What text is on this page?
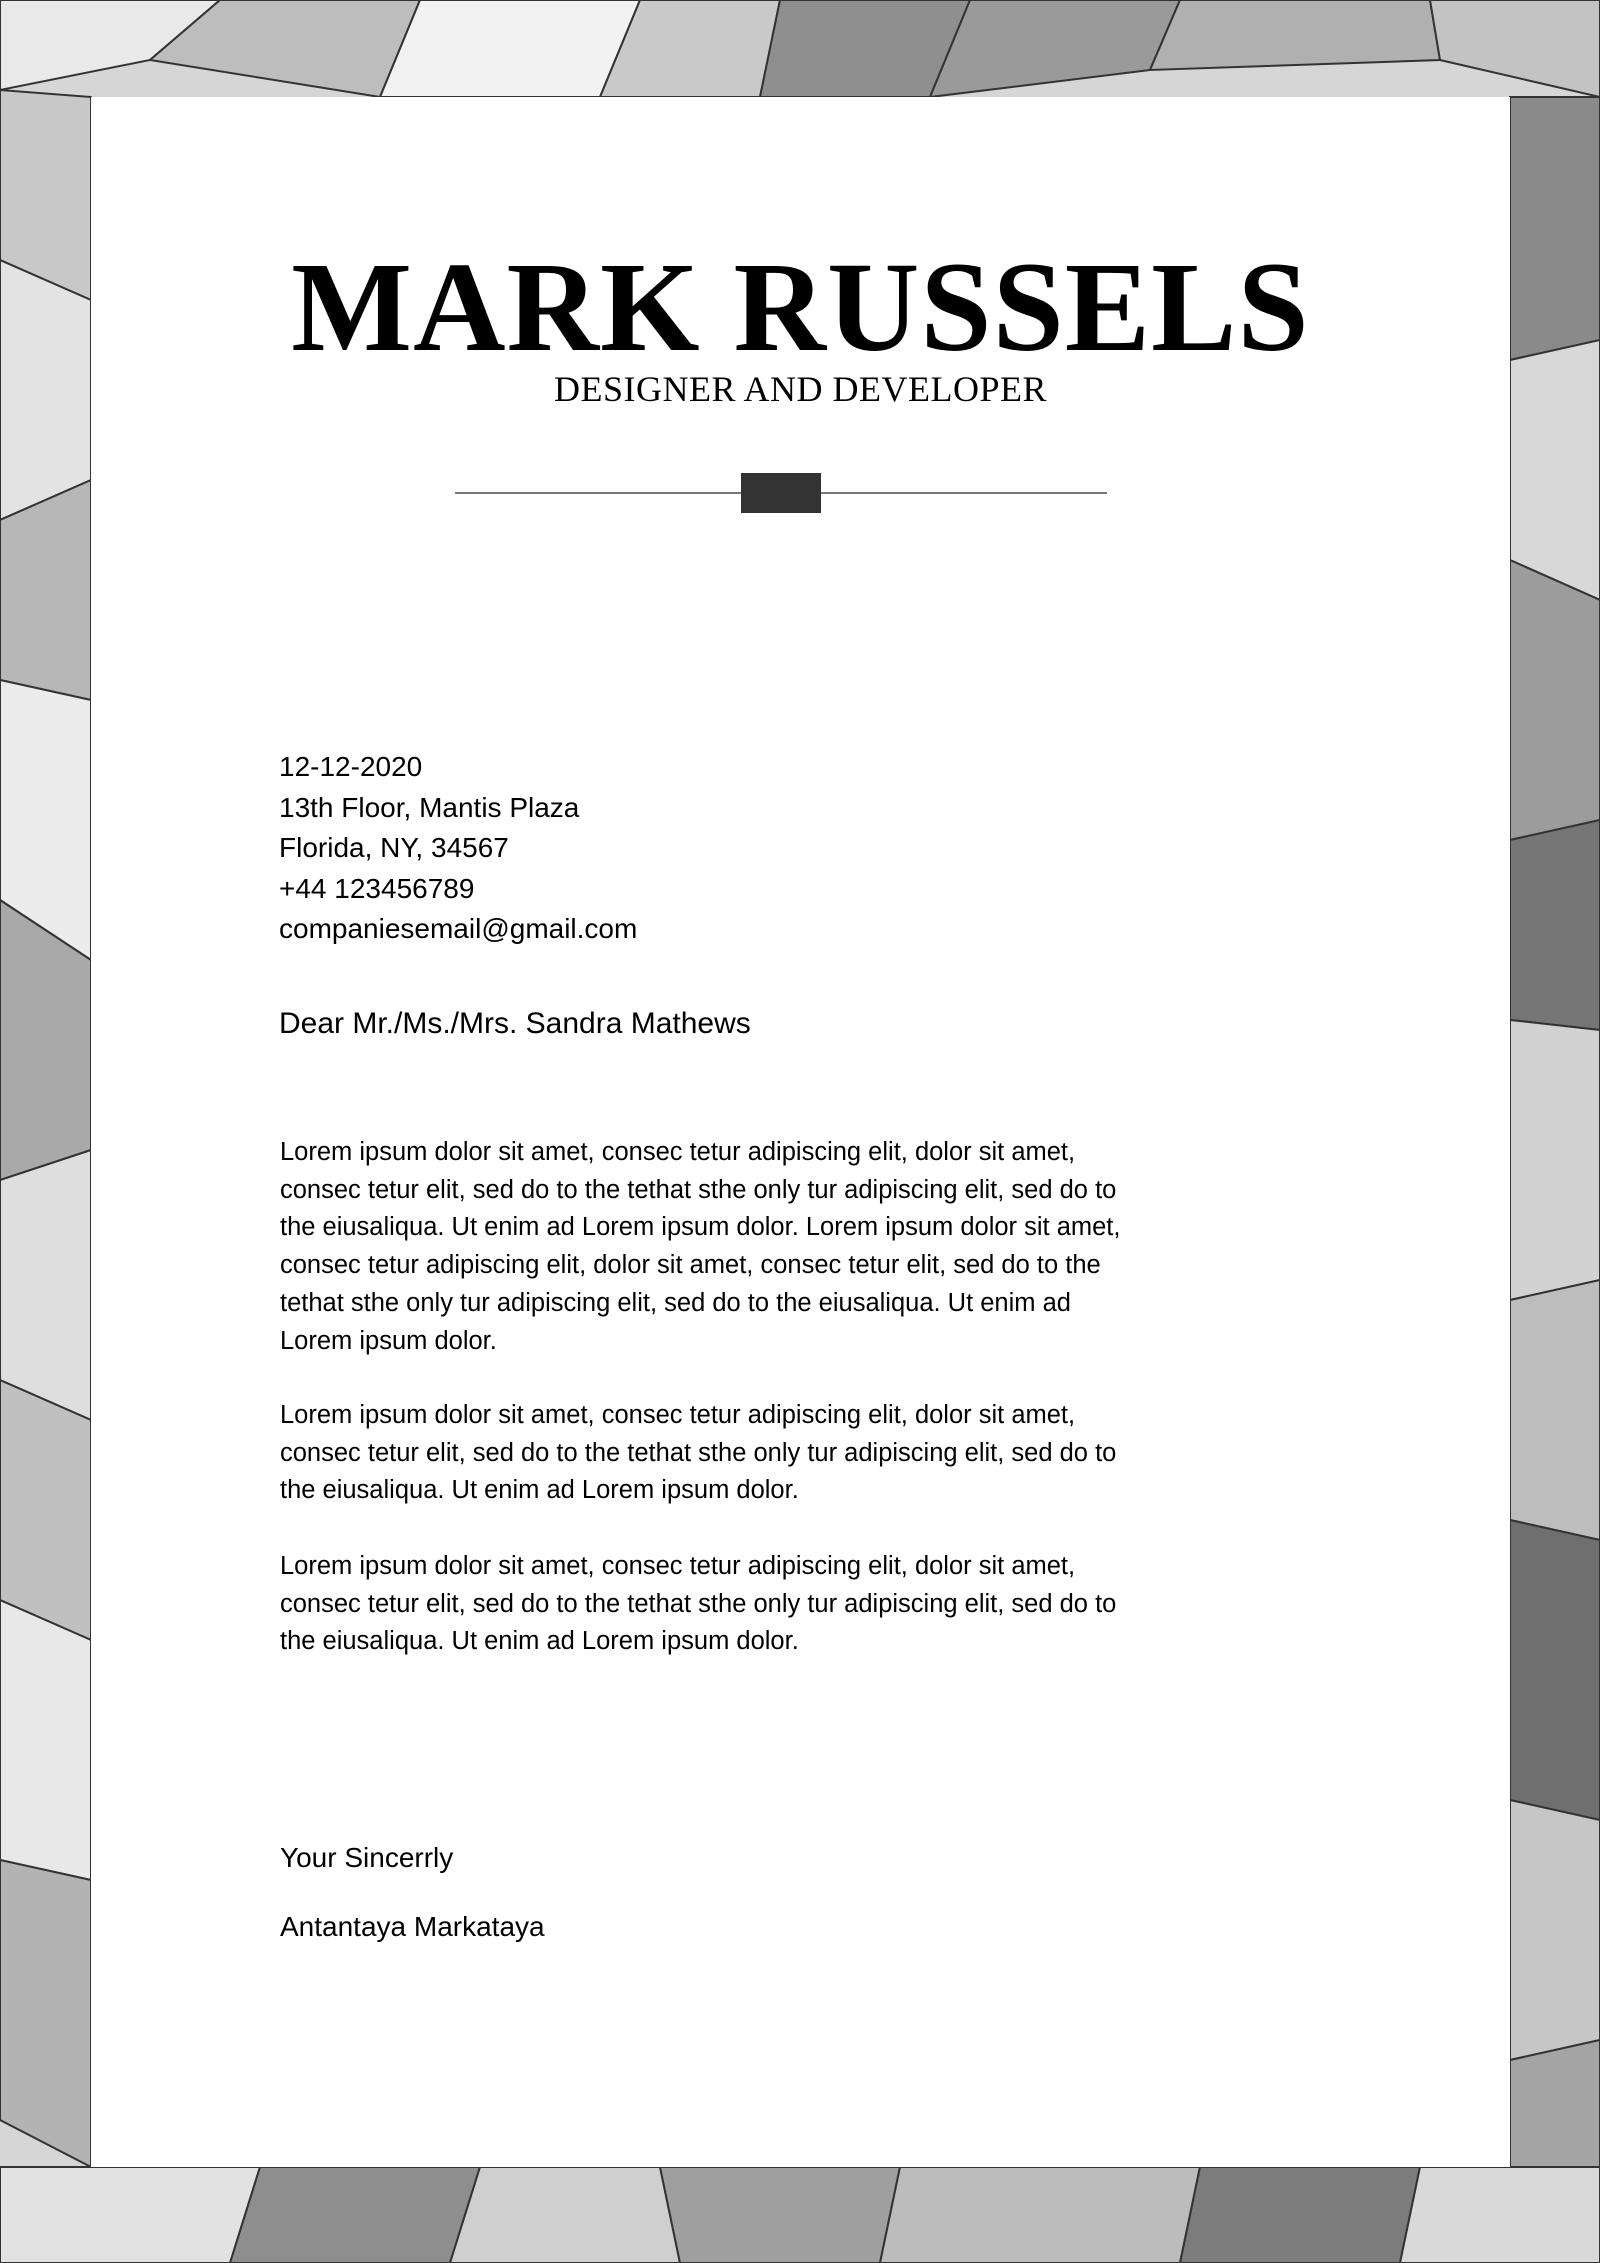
MARK RUSSELS
DESIGNER AND DEVELOPER
12-12-2020
13th Floor, Mantis Plaza
Florida, NY, 34567
+44 123456789
companiesemail@gmail.com
Dear Mr./Ms./Mrs. Sandra Mathews
Lorem ipsum dolor sit amet, consec tetur adipiscing elit, dolor sit amet,
consec tetur elit, sed do to the tethat sthe only tur adipiscing elit, sed do to
the eiusaliqua. Ut enim ad Lorem ipsum dolor. Lorem ipsum dolor sit amet,
consec tetur adipiscing elit, dolor sit amet, consec tetur elit, sed do to the
tethat sthe only tur adipiscing elit, sed do to the eiusaliqua. Ut enim ad
Lorem ipsum dolor.
Lorem ipsum dolor sit amet, consec tetur adipiscing elit, dolor sit amet,
consec tetur elit, sed do to the tethat sthe only tur adipiscing elit, sed do to
the eiusaliqua. Ut enim ad Lorem ipsum dolor.
Lorem ipsum dolor sit amet, consec tetur adipiscing elit, dolor sit amet,
consec tetur elit, sed do to the tethat sthe only tur adipiscing elit, sed do to
the eiusaliqua. Ut enim ad Lorem ipsum dolor.
Your Sincerrly
Antantaya Markataya
